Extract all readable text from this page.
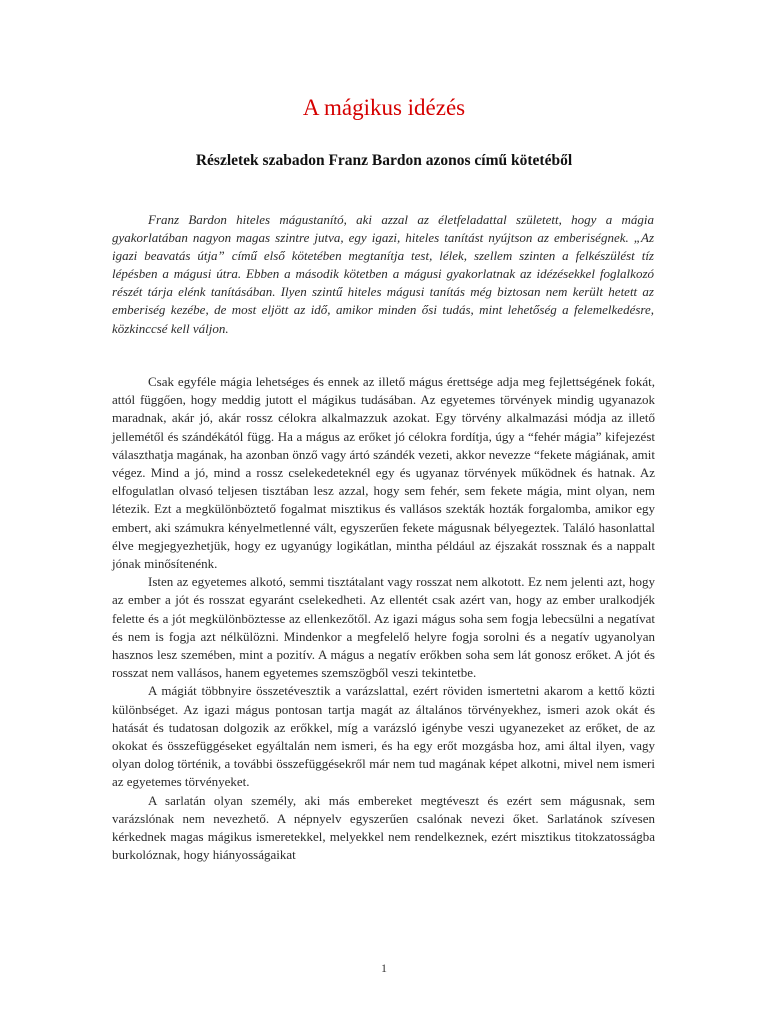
A mágikus idézés
Részletek szabadon Franz Bardon azonos című kötetéből
Franz Bardon hiteles mágustanító, aki azzal az életfeladattal született, hogy a mágia gyakorlatában nagyon magas szintre jutva, egy igazi, hiteles tanítást nyújtson az emberiségnek. „Az igazi beavatás útja” című első kötetében megtanítja test, lélek, szellem szinten a felkészülést tíz lépésben a mágusi útra. Ebben a második kötetben a mágusi gyakorlatnak az idézésekkel foglalkozó részét tárja elénk tanításában. Ilyen szintű hiteles mágusi tanítás még biztosan nem került hetett az emberiség kezébe, de most eljött az idő, amikor minden ősi tudás, mint lehetőség a felemelkedésre, közkinccsé kell váljon.

Csak egyféle mágia lehetséges és ennek az illető mágus érettsége adja meg fejlettségének fokát, attól függően, hogy meddig jutott el mágikus tudásában. Az egyetemes törvények mindig ugyanazok maradnak, akár jó, akár rossz célokra alkalmazzuk azokat. Egy törvény alkalmazási módja az illető jellemétől és szándékától függ. Ha a mágus az erőket jó célokra fordítja, úgy a “fehér mágia” kifejezést választhatja magának, ha azonban önző vagy ártó szándék vezeti, akkor nevezze “fekete mágiának, amit végez. Mind a jó, mind a rossz cselekedeteknél egy és ugyanaz törvények működnek és hatnak. Az elfogulatlan olvasó teljesen tisztában lesz azzal, hogy sem fehér, sem fekete mágia, mint olyan, nem létezik. Ezt a megkülönböztető fogalmat misztikus és vallásos szekták hozták forgalomba, amikor egy embert, aki számukra kényelmetlenné vált, egyszerűen fekete mágusnak bélyegeztek. Találó hasonlattal élve megjegyezhetjük, hogy ez ugyanúgy logikátlan, mintha például az éjszakát rossznak és a nappalt jónak minősítenénk.

Isten az egyetemes alkotó, semmi tisztátalant vagy rosszat nem alkotott. Ez nem jelenti azt, hogy az ember a jót és rosszat egyaránt cselekedheti. Az ellentét csak azért van, hogy az ember uralkodjék felette és a jót megkülönböztesse az ellenkezőtől. Az igazi mágus soha sem fogja lebecsülni a negatívat és nem is fogja azt nélkülözni. Mindenkor a megfelelő helyre fogja sorolni és a negatív ugyanolyan hasznos lesz szemében, mint a pozitív. A mágus a negatív erőkben soha sem lát gonosz erőket. A jót és rosszat nem vallásos, hanem egyetemes szemszögből veszi tekintetbe.

A mágiát többnyire összetévesztik a varázslattal, ezért röviden ismertetni akarom a kettő közti különbséget. Az igazi mágus pontosan tartja magát az általános törvényekhez, ismeri azok okát és hatását és tudatosan dolgozik az erőkkel, míg a varázsló igénybe veszi ugyanezeket az erőket, de az okokat és összefüggéseket egyáltalán nem ismeri, és ha egy erőt mozgásba hoz, ami által ilyen, vagy olyan dolog történik, a további összefüggésekről már nem tud magának képet alkotni, mivel nem ismeri az egyetemes törvényeket.

A sarlatán olyan személy, aki más embereket megtéveszt és ezért sem mágusnak, sem varázslónak nem nevezhető. A népnyelv egyszerűen csalónak nevezi őket. Sarlatánok szívesen kérkednek magas mágikus ismeretekkel, melyekkel nem rendelkeznek, ezért misztikus titokzatosságba burkolóznak, hogy hiányosságaikat

1
